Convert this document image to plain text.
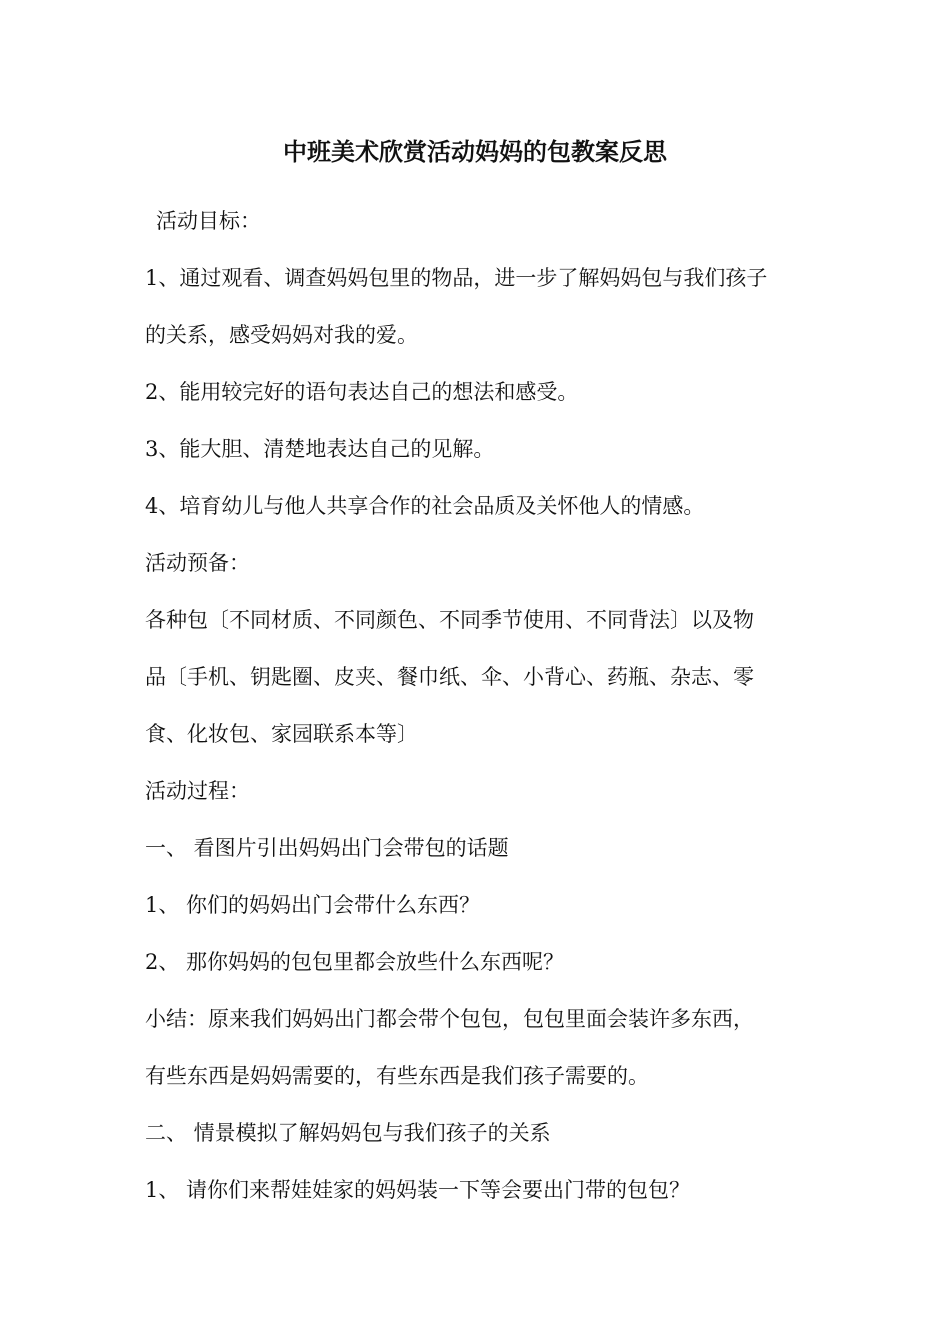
中班美术欣赏活动妈妈的包教案反思
活动目标：
1、通过观看、调查妈妈包里的物品，进一步了解妈妈包与我们孩子
的关系，感受妈妈对我的爱。
2、能用较完好的语句表达自己的想法和感受。
3、能大胆、清楚地表达自己的见解。
4、培育幼儿与他人共享合作的社会品质及关怀他人的情感。
活动预备：
各种包〔不同材质、不同颜色、不同季节使用、不同背法〕以及物
品〔手机、钥匙圈、皮夹、餐巾纸、伞、小背心、药瓶、杂志、零
食、化妆包、家园联系本等〕
活动过程：
一、 看图片引出妈妈出门会带包的话题
1、 你们的妈妈出门会带什么东西？
2、 那你妈妈的包包里都会放些什么东西呢？
小结：原来我们妈妈出门都会带个包包，包包里面会装许多东西，
有些东西是妈妈需要的，有些东西是我们孩子需要的。
二、 情景模拟了解妈妈包与我们孩子的关系
1、 请你们来帮娃娃家的妈妈装一下等会要出门带的包包？
